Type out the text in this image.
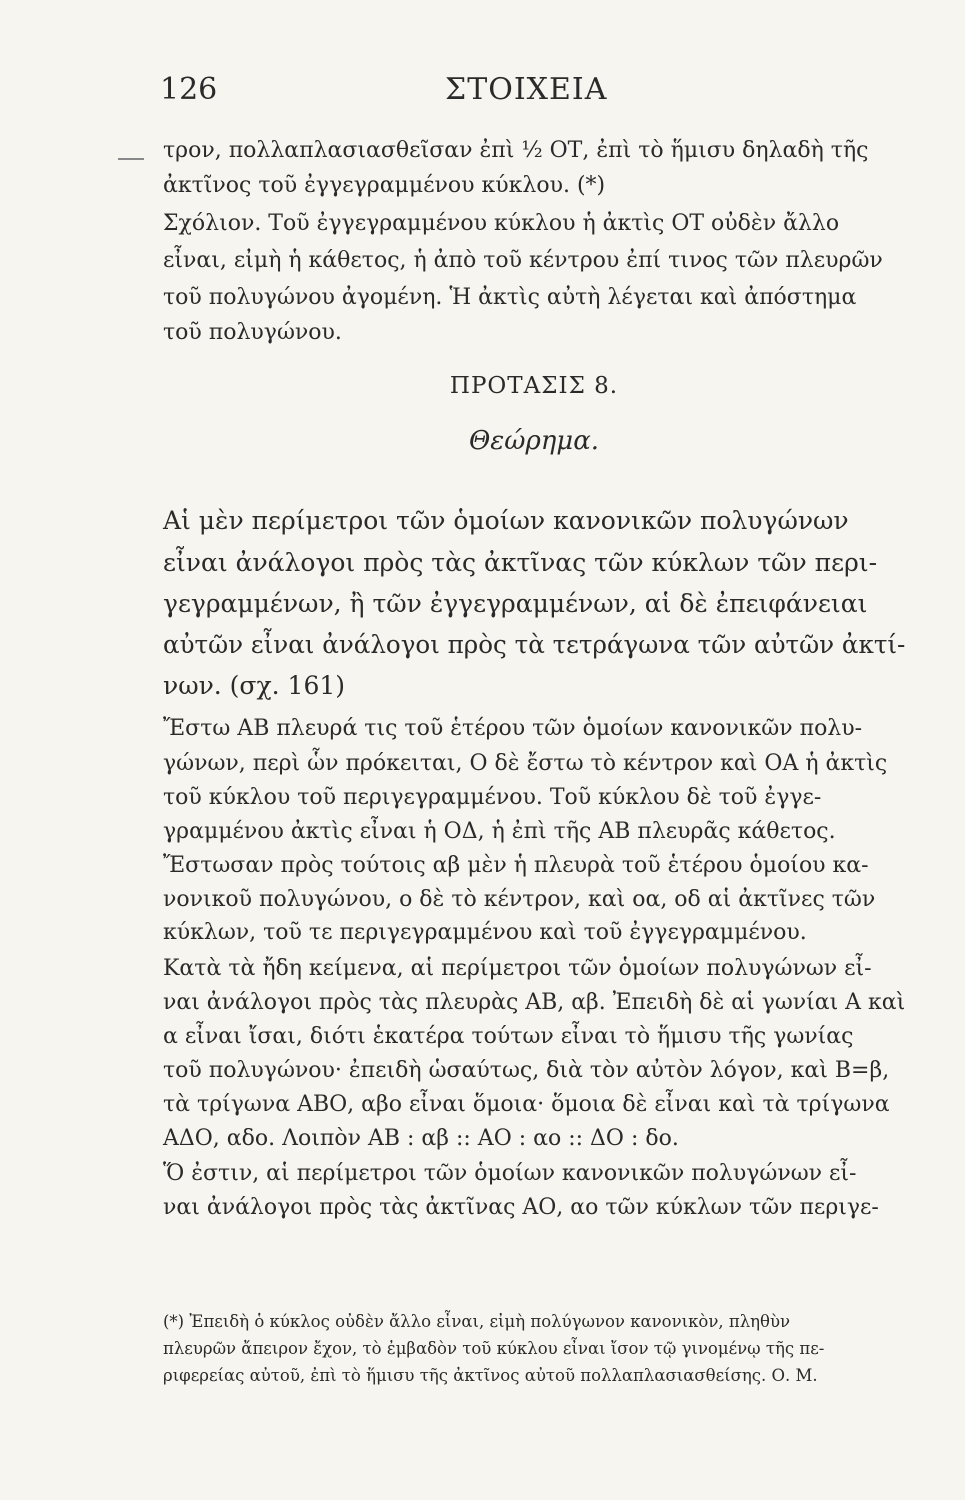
126	ΣΤΟΙΧΕΙΑ
τρον, πολλαπλασιασθεῖσαν ἐπὶ ½ ΟΤ, ἐπὶ τὸ ἥμισυ δηλαδὴ τῆς
ἀκτῖνος τοῦ ἐγγεγραμμένου κύκλου. (*)
Σχόλιον. Τοῦ ἐγγεγραμμένου κύκλου ἡ ἀκτὶς ΟΤ οὐδὲν ἄλλο
εἶναι, εἰμὴ ἡ κάθετος, ἡ ἀπὸ τοῦ κέντρου ἐπί τινος τῶν πλευρῶν
τοῦ πολυγώνου ἀγομένη. Ἡ ἀκτὶς αὐτὴ λέγεται καὶ ἀπόστημα
τοῦ πολυγώνου.
ΠΡΟΤΑΣΙΣ 8.
Θεώρημα.
Αἱ μὲν περίμετροι τῶν ὁμοίων κανονικῶν πολυγώνων
εἶναι ἀνάλογοι πρὸς τὰς ἀκτῖνας τῶν κύκλων τῶν περι-
γεγραμμένων, ἢ τῶν ἐγγεγραμμένων, αἱ δὲ ἐπειφάνειαι
αὐτῶν εἶναι ἀνάλογοι πρὸς τὰ τετράγωνα τῶν αὐτῶν ἀκτί-
νων. (σχ. 161)
Ἔστω ΑΒ πλευρά τις τοῦ ἑτέρου τῶν ὁμοίων κανονικῶν πολυ-
γώνων, περὶ ὧν πρόκειται, Ο δὲ ἔστω τὸ κέντρον καὶ ΟΑ ἡ ἀκτὶς
τοῦ κύκλου τοῦ περιγεγραμμένου. Τοῦ κύκλου δὲ τοῦ ἐγγε-
γραμμένου ἀκτὶς εἶναι ἡ ΟΔ, ἡ ἐπὶ τῆς ΑΒ πλευρᾶς κάθετος.
Ἔστωσαν πρὸς τούτοις αβ μὲν ἡ πλευρὰ τοῦ ἑτέρου ὁμοίου κα-
νονικοῦ πολυγώνου, ο δὲ τὸ κέντρον, καὶ οα, οδ αἱ ἀκτῖνες τῶν
κύκλων, τοῦ τε περιγεγραμμένου καὶ τοῦ ἐγγεγραμμένου.
Κατὰ τὰ ἤδη κείμενα, αἱ περίμετροι τῶν ὁμοίων πολυγώνων εἶ-
ναι ἀνάλογοι πρὸς τὰς πλευρὰς ΑΒ, αβ. Ἐπειδὴ δὲ αἱ γωνίαι Α καὶ
α εἶναι ἴσαι, διότι ἑκατέρα τούτων εἶναι τὸ ἥμισυ τῆς γωνίας
τοῦ πολυγώνου· ἐπειδὴ ὡσαύτως, διὰ τὸν αὐτὸν λόγον, καὶ Β=β,
τὰ τρίγωνα ΑΒΟ, αβο εἶναι ὅμοια· ὅμοια δὲ εἶναι καὶ τὰ τρίγωνα
ΑΔΟ, αδο. Λοιπὸν ΑΒ : αβ :: ΑΟ : αο :: ΔΟ : δο.
Ὅ ἐστιν, αἱ περίμετροι τῶν ὁμοίων κανονικῶν πολυγώνων εἶ-
ναι ἀνάλογοι πρὸς τὰς ἀκτῖνας ΑΟ, αο τῶν κύκλων τῶν περιγε-
(*) Ἐπειδὴ ὁ κύκλος οὐδὲν ἄλλο εἶναι, εἰμὴ πολύγωνον κανονικὸν, πληθὺν
πλευρῶν ἄπειρον ἔχον, τὸ ἐμβαδὸν τοῦ κύκλου εἶναι ἴσον τῷ γινομένῳ τῆς πε-
ριφερείας αὐτοῦ, ἐπὶ τὸ ἥμισυ τῆς ἀκτῖνος αὐτοῦ πολλαπλασιασθείσης. Ο. Μ.
